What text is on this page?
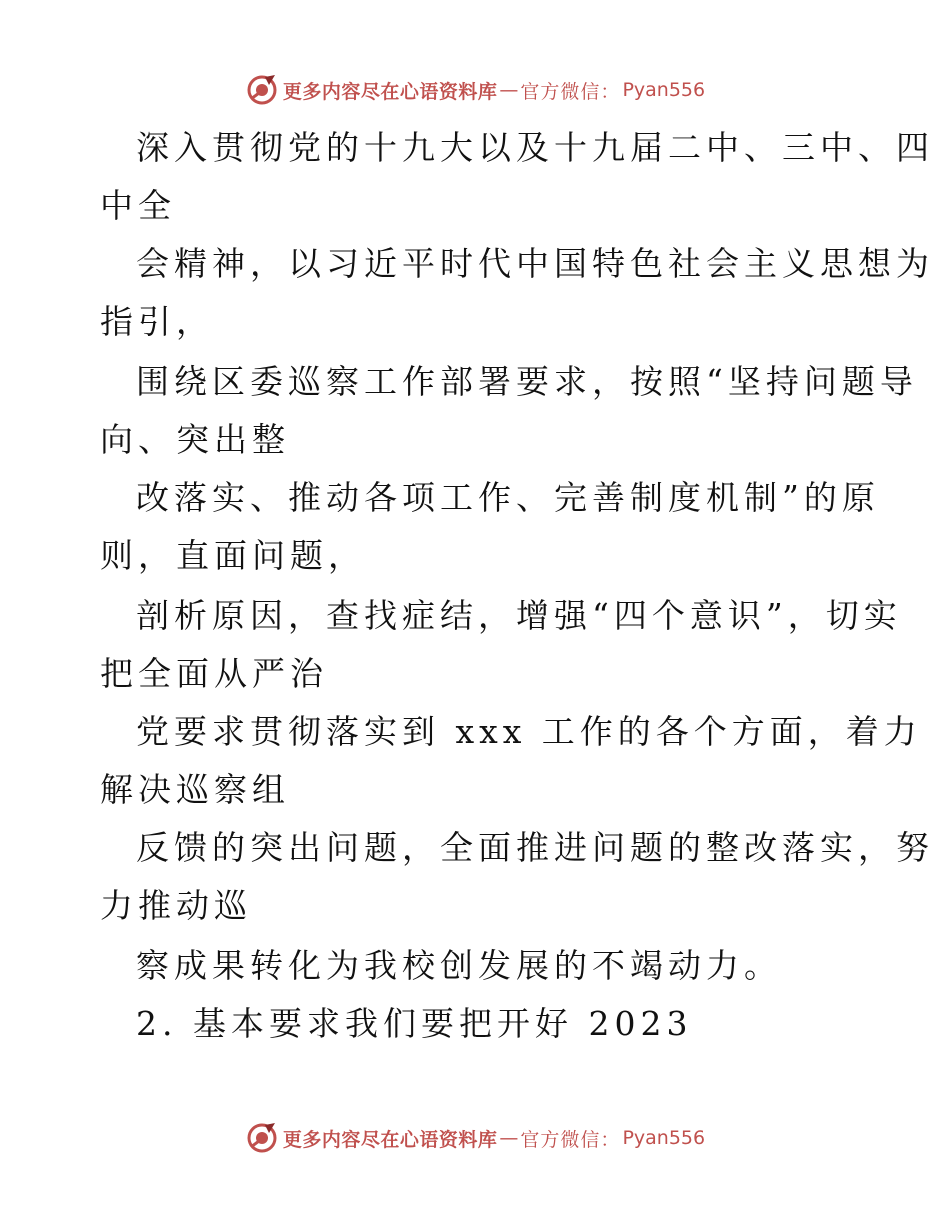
更多内容尽在心语资料库 — 官方微信： Pyan556
深入贯彻党的十九大以及十九届二中、三中、四
中全
会精神，以习近平时代中国特色社会主义思想为
指引，
围绕区委巡察工作部署要求，按照“坚持问题导
向、突出整
改落实、推动各项工作、完善制度机制”的原
则，直面问题，
剖析原因，查找症结，增强“四个意识”，切实
把全面从严治
党要求贯彻落实到 xxx 工作的各个方面，着力
解决巡察组
反馈的突出问题，全面推进问题的整改落实，努
力推动巡
察成果转化为我校创发展的不竭动力。
2. 基本要求我们要把开好 2023
更多内容尽在心语资料库 — 官方微信： Pyan556
